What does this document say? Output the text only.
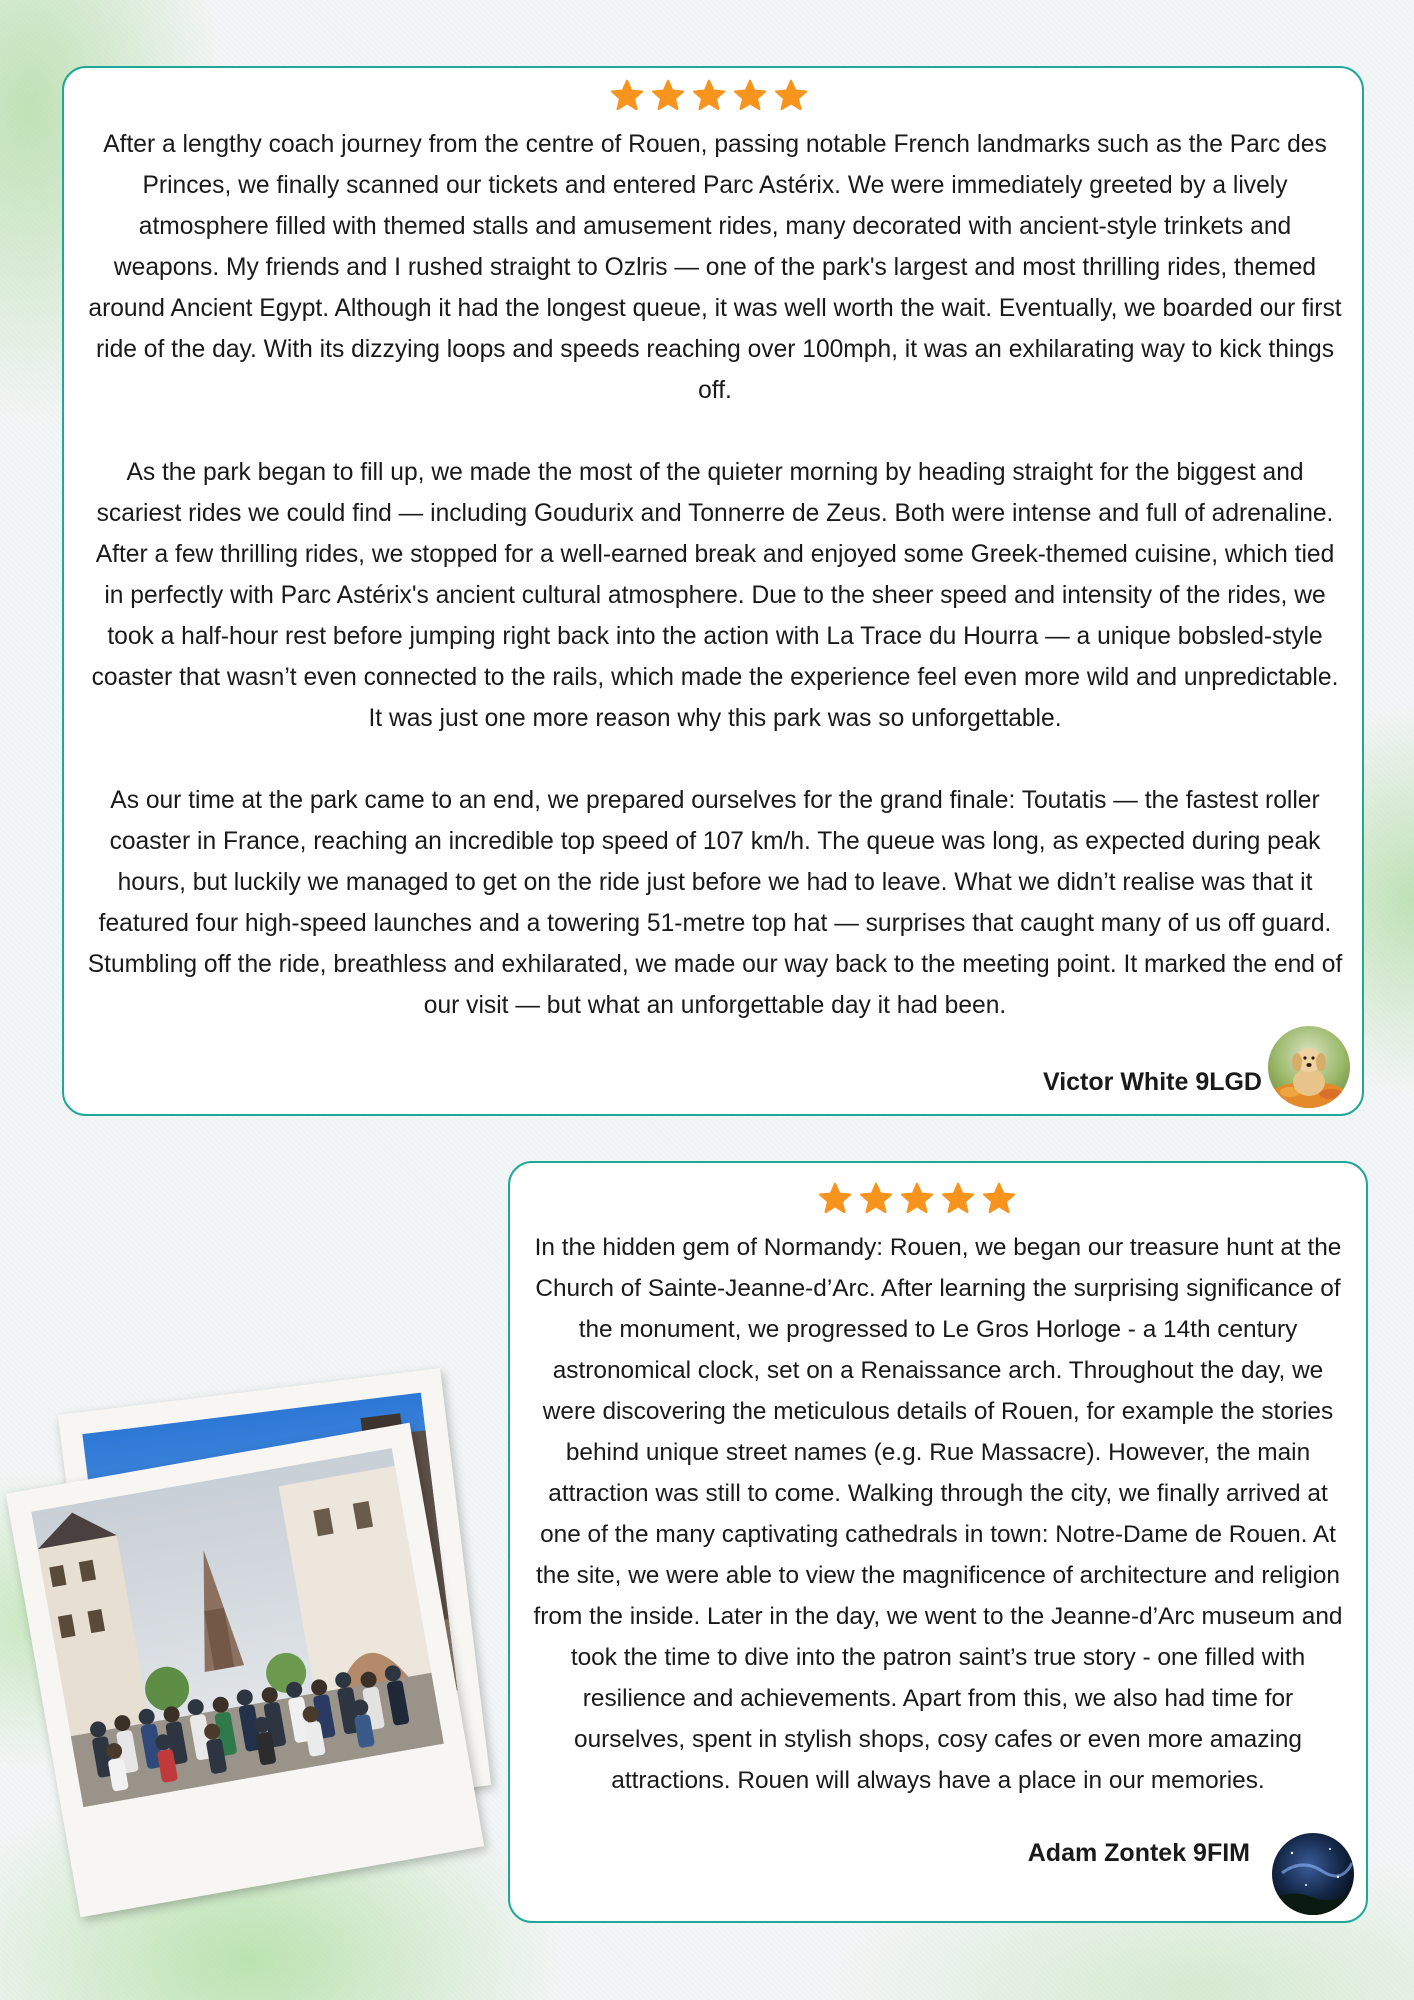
After a lengthy coach journey from the centre of Rouen, passing notable French landmarks such as the Parc des Princes, we finally scanned our tickets and entered Parc Astérix. We were immediately greeted by a lively atmosphere filled with themed stalls and amusement rides, many decorated with ancient-style trinkets and weapons. My friends and I rushed straight to Ozlris — one of the park's largest and most thrilling rides, themed around Ancient Egypt. Although it had the longest queue, it was well worth the wait. Eventually, we boarded our first ride of the day. With its dizzying loops and speeds reaching over 100mph, it was an exhilarating way to kick things off.

As the park began to fill up, we made the most of the quieter morning by heading straight for the biggest and scariest rides we could find — including Goudurix and Tonnerre de Zeus. Both were intense and full of adrenaline. After a few thrilling rides, we stopped for a well-earned break and enjoyed some Greek-themed cuisine, which tied in perfectly with Parc Astérix's ancient cultural atmosphere. Due to the sheer speed and intensity of the rides, we took a half-hour rest before jumping right back into the action with La Trace du Hourra — a unique bobsled-style coaster that wasn’t even connected to the rails, which made the experience feel even more wild and unpredictable. It was just one more reason why this park was so unforgettable.

As our time at the park came to an end, we prepared ourselves for the grand finale: Toutatis — the fastest roller coaster in France, reaching an incredible top speed of 107 km/h. The queue was long, as expected during peak hours, but luckily we managed to get on the ride just before we had to leave. What we didn’t realise was that it featured four high-speed launches and a towering 51-metre top hat — surprises that caught many of us off guard. Stumbling off the ride, breathless and exhilarated, we made our way back to the meeting point. It marked the end of our visit — but what an unforgettable day it had been.

Victor White 9LGD

In the hidden gem of Normandy: Rouen, we began our treasure hunt at the Church of Sainte-Jeanne-d’Arc. After learning the surprising significance of the monument, we progressed to Le Gros Horloge - a 14th century astronomical clock, set on a Renaissance arch. Throughout the day, we were discovering the meticulous details of Rouen, for example the stories behind unique street names (e.g. Rue Massacre). However, the main attraction was still to come. Walking through the city, we finally arrived at one of the many captivating cathedrals in town: Notre-Dame de Rouen. At the site, we were able to view the magnificence of architecture and religion from the inside. Later in the day, we went to the Jeanne-d’Arc museum and took the time to dive into the patron saint’s true story - one filled with resilience and achievements. Apart from this, we also had time for ourselves, spent in stylish shops, cosy cafes or even more amazing attractions. Rouen will always have a place in our memories.

Adam Zontek 9FIM
